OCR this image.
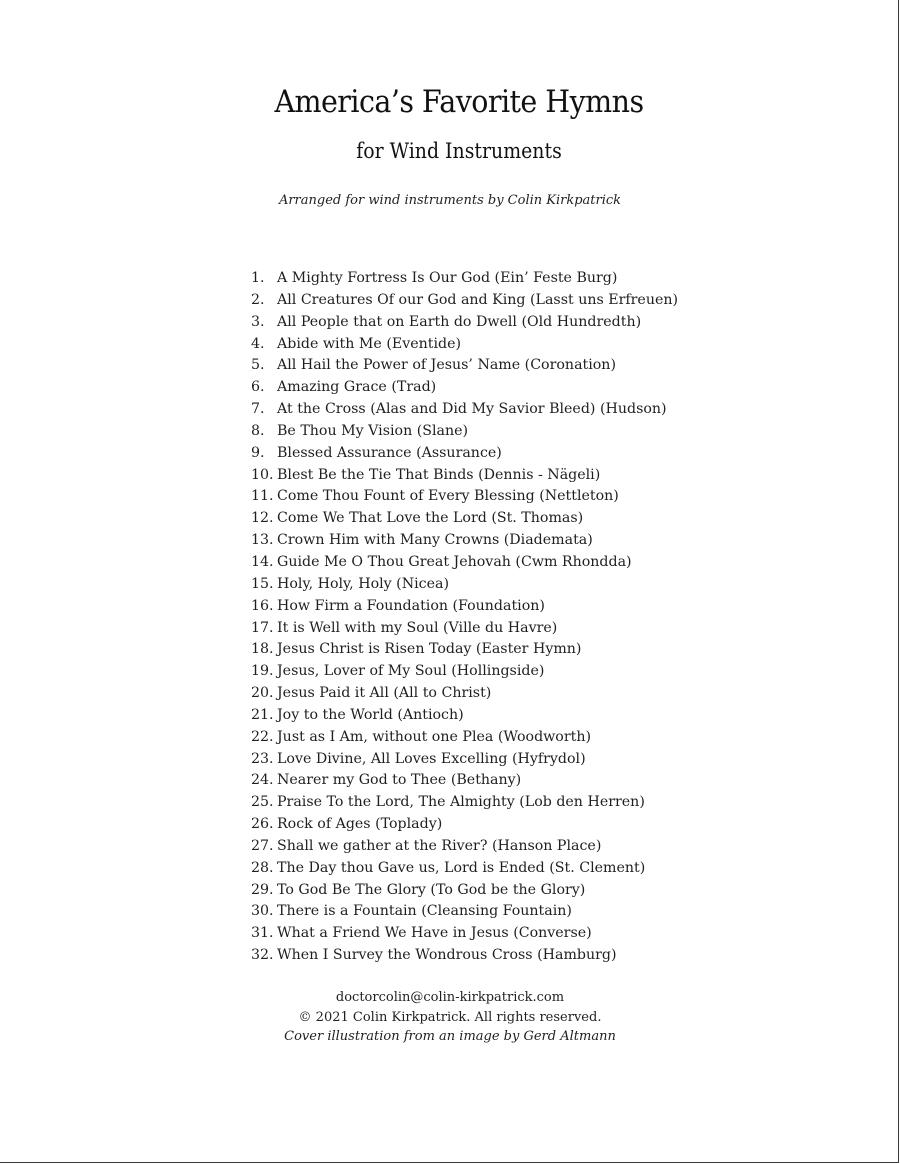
America’s Favorite Hymns
for Wind Instruments
Arranged for wind instruments by Colin Kirkpatrick
1. A Mighty Fortress Is Our God (Ein’ Feste Burg)
2. All Creatures Of our God and King (Lasst uns Erfreuen)
3. All People that on Earth do Dwell (Old Hundredth)
4. Abide with Me (Eventide)
5. All Hail the Power of Jesus’ Name (Coronation)
6. Amazing Grace (Trad)
7. At the Cross (Alas and Did My Savior Bleed) (Hudson)
8. Be Thou My Vision (Slane)
9. Blessed Assurance (Assurance)
10. Blest Be the Tie That Binds (Dennis - Nägeli)
11. Come Thou Fount of Every Blessing (Nettleton)
12. Come We That Love the Lord (St. Thomas)
13. Crown Him with Many Crowns (Diademata)
14. Guide Me O Thou Great Jehovah (Cwm Rhondda)
15. Holy, Holy, Holy (Nicea)
16. How Firm a Foundation (Foundation)
17. It is Well with my Soul (Ville du Havre)
18. Jesus Christ is Risen Today (Easter Hymn)
19. Jesus, Lover of My Soul (Hollingside)
20. Jesus Paid it All (All to Christ)
21. Joy to the World (Antioch)
22. Just as I Am, without one Plea (Woodworth)
23. Love Divine, All Loves Excelling (Hyfrydol)
24. Nearer my God to Thee (Bethany)
25. Praise To the Lord, The Almighty (Lob den Herren)
26. Rock of Ages (Toplady)
27. Shall we gather at the River? (Hanson Place)
28. The Day thou Gave us, Lord is Ended (St. Clement)
29. To God Be The Glory (To God be the Glory)
30. There is a Fountain (Cleansing Fountain)
31. What a Friend We Have in Jesus (Converse)
32. When I Survey the Wondrous Cross (Hamburg)
doctorcolin@colin-kirkpatrick.com
© 2021 Colin Kirkpatrick. All rights reserved.
Cover illustration from an image by Gerd Altmann
